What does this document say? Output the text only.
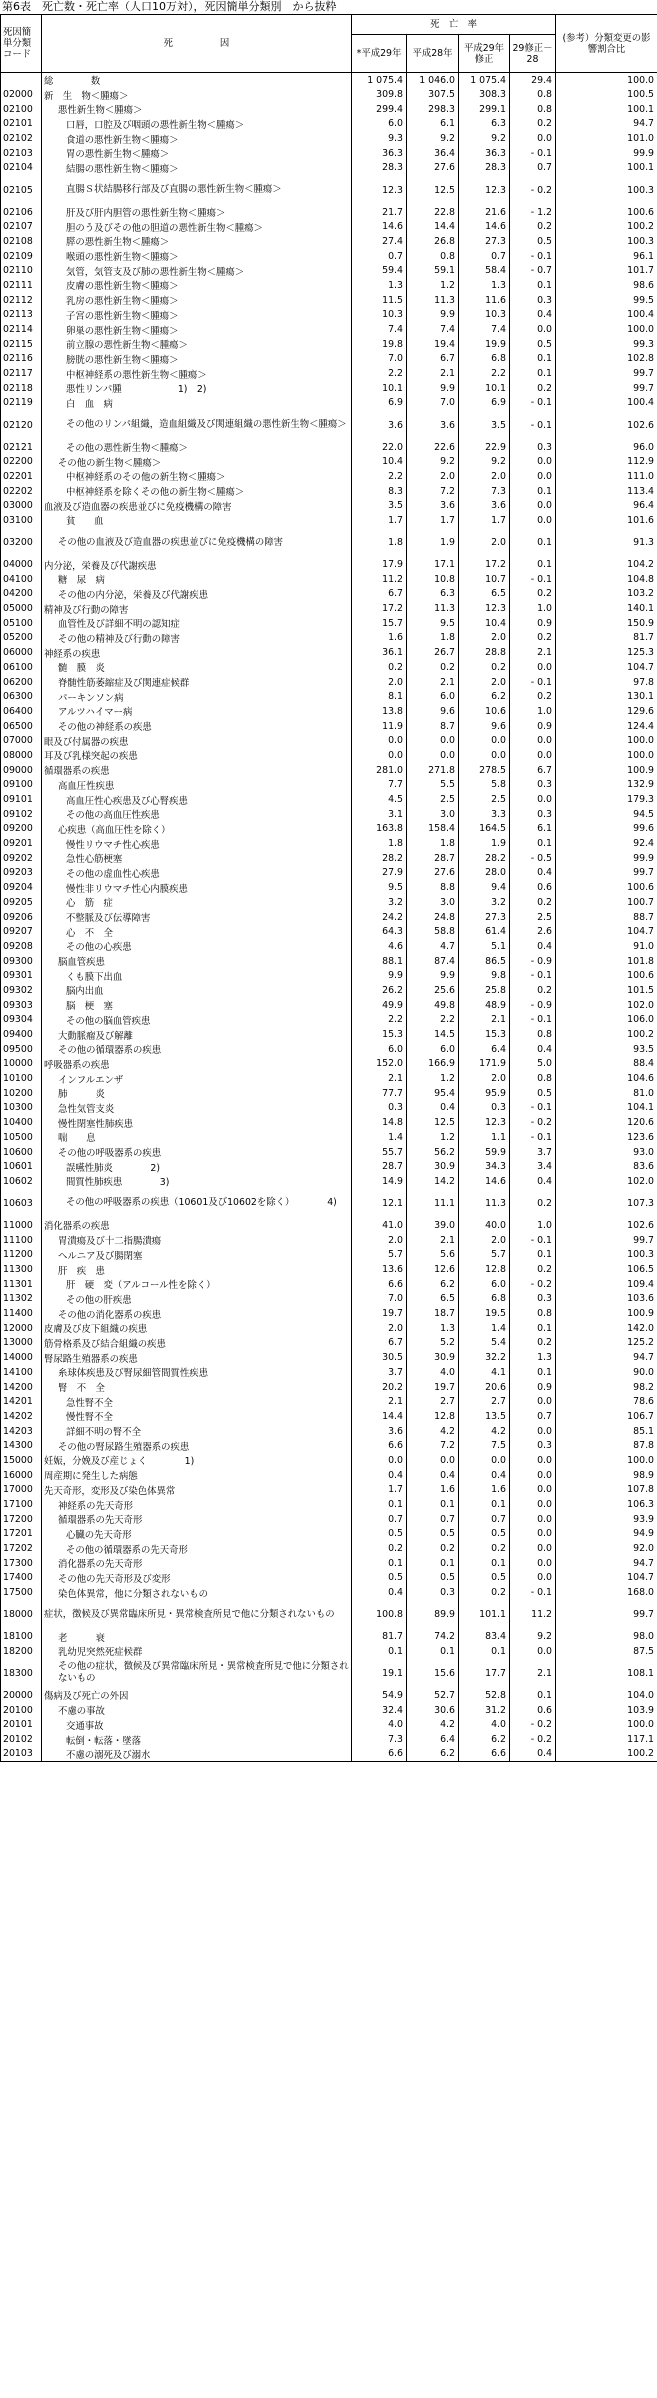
第6表　死亡数・死亡率（人口10万対），死因簡単分類別　から抜粋
死因簡単分類コード	死　　　　　因	死　亡　率				(参考）分類変更の影響割合比
		*平成29年	平成28年	平成29年修正	29修正－28	
	総　　　　数	1 075.4	1 046.0	1 075.4	29.4	100.0
02000	新　生　物＜腫瘍＞	309.8	307.5	308.3	0.8	100.5
02100	悪性新生物＜腫瘍＞	299.4	298.3	299.1	0.8	100.1
02101	口唇，口腔及び咽頭の悪性新生物＜腫瘍＞	6.0	6.1	6.3	0.2	94.7
02102	食道の悪性新生物＜腫瘍＞	9.3	9.2	9.2	0.0	101.0
02103	胃の悪性新生物＜腫瘍＞	36.3	36.4	36.3	- 0.1	99.9
02104	結腸の悪性新生物＜腫瘍＞	28.3	27.6	28.3	0.7	100.1
02105	直腸Ｓ状結腸移行部及び直腸の悪性新生物＜腫瘍＞	12.3	12.5	12.3	- 0.2	100.3
02106	肝及び肝内胆管の悪性新生物＜腫瘍＞	21.7	22.8	21.6	- 1.2	100.6
02107	胆のう及びその他の胆道の悪性新生物＜腫瘍＞	14.6	14.4	14.6	0.2	100.2
02108	膵の悪性新生物＜腫瘍＞	27.4	26.8	27.3	0.5	100.3
02109	喉頭の悪性新生物＜腫瘍＞	0.7	0.8	0.7	- 0.1	96.1
02110	気管，気管支及び肺の悪性新生物＜腫瘍＞	59.4	59.1	58.4	- 0.7	101.7
02111	皮膚の悪性新生物＜腫瘍＞	1.3	1.2	1.3	0.1	98.6
02112	乳房の悪性新生物＜腫瘍＞	11.5	11.3	11.6	0.3	99.5
02113	子宮の悪性新生物＜腫瘍＞	10.3	9.9	10.3	0.4	100.4
02114	卵巣の悪性新生物＜腫瘍＞	7.4	7.4	7.4	0.0	100.0
02115	前立腺の悪性新生物＜腫瘍＞	19.8	19.4	19.9	0.5	99.3
02116	膀胱の悪性新生物＜腫瘍＞	7.0	6.7	6.8	0.1	102.8
02117	中枢神経系の悪性新生物＜腫瘍＞	2.2	2.1	2.2	0.1	99.7
02118	悪性リンパ腫　　　　　　1)　2)	10.1	9.9	10.1	0.2	99.7
02119	白　血　病	6.9	7.0	6.9	- 0.1	100.4
02120	その他のリンパ組織，造血組織及び関連組織の悪性新生物＜腫瘍＞	3.6	3.6	3.5	- 0.1	102.6
02121	その他の悪性新生物＜腫瘍＞	22.0	22.6	22.9	0.3	96.0
02200	その他の新生物＜腫瘍＞	10.4	9.2	9.2	0.0	112.9
02201	中枢神経系のその他の新生物＜腫瘍＞	2.2	2.0	2.0	0.0	111.0
02202	中枢神経系を除くその他の新生物＜腫瘍＞	8.3	7.2	7.3	0.1	113.4
03000	血液及び造血器の疾患並びに免疫機構の障害	3.5	3.6	3.6	0.0	96.4
03100	貧　　血	1.7	1.7	1.7	0.0	101.6
03200	その他の血液及び造血器の疾患並びに免疫機構の障害	1.8	1.9	2.0	0.1	91.3
04000	内分泌，栄養及び代謝疾患	17.9	17.1	17.2	0.1	104.2
04100	糖　尿　病	11.2	10.8	10.7	- 0.1	104.8
04200	その他の内分泌，栄養及び代謝疾患	6.7	6.3	6.5	0.2	103.2
05000	精神及び行動の障害	17.2	11.3	12.3	1.0	140.1
05100	血管性及び詳細不明の認知症	15.7	9.5	10.4	0.9	150.9
05200	その他の精神及び行動の障害	1.6	1.8	2.0	0.2	81.7
06000	神経系の疾患	36.1	26.7	28.8	2.1	125.3
06100	髄　膜　炎	0.2	0.2	0.2	0.0	104.7
06200	脊髄性筋萎縮症及び関連症候群	2.0	2.1	2.0	- 0.1	97.8
06300	パーキンソン病	8.1	6.0	6.2	0.2	130.1
06400	アルツハイマー病	13.8	9.6	10.6	1.0	129.6
06500	その他の神経系の疾患	11.9	8.7	9.6	0.9	124.4
07000	眼及び付属器の疾患	0.0	0.0	0.0	0.0	100.0
08000	耳及び乳様突起の疾患	0.0	0.0	0.0	0.0	100.0
09000	循環器系の疾患	281.0	271.8	278.5	6.7	100.9
09100	高血圧性疾患	7.7	5.5	5.8	0.3	132.9
09101	高血圧性心疾患及び心腎疾患	4.5	2.5	2.5	0.0	179.3
09102	その他の高血圧性疾患	3.1	3.0	3.3	0.3	94.5
09200	心疾患（高血圧性を除く）	163.8	158.4	164.5	6.1	99.6
09201	慢性リウマチ性心疾患	1.8	1.8	1.9	0.1	92.4
09202	急性心筋梗塞	28.2	28.7	28.2	- 0.5	99.9
09203	その他の虚血性心疾患	27.9	27.6	28.0	0.4	99.7
09204	慢性非リウマチ性心内膜疾患	9.5	8.8	9.4	0.6	100.6
09205	心　筋　症	3.2	3.0	3.2	0.2	100.7
09206	不整脈及び伝導障害	24.2	24.8	27.3	2.5	88.7
09207	心　不　全	64.3	58.8	61.4	2.6	104.7
09208	その他の心疾患	4.6	4.7	5.1	0.4	91.0
09300	脳血管疾患	88.1	87.4	86.5	- 0.9	101.8
09301	くも膜下出血	9.9	9.9	9.8	- 0.1	100.6
09302	脳内出血	26.2	25.6	25.8	0.2	101.5
09303	脳　梗　塞	49.9	49.8	48.9	- 0.9	102.0
09304	その他の脳血管疾患	2.2	2.2	2.1	- 0.1	106.0
09400	大動脈瘤及び解離	15.3	14.5	15.3	0.8	100.2
09500	その他の循環器系の疾患	6.0	6.0	6.4	0.4	93.5
10000	呼吸器系の疾患	152.0	166.9	171.9	5.0	88.4
10100	インフルエンザ	2.1	1.2	2.0	0.8	104.6
10200	肺　　　炎	77.7	95.4	95.9	0.5	81.0
10300	急性気管支炎	0.3	0.4	0.3	- 0.1	104.1
10400	慢性閉塞性肺疾患	14.8	12.5	12.3	- 0.2	120.6
10500	喘　　息	1.4	1.2	1.1	- 0.1	123.6
10600	その他の呼吸器系の疾患	55.7	56.2	59.9	3.7	93.0
10601	誤嚥性肺炎　　　　2)	28.7	30.9	34.3	3.4	83.6
10602	間質性肺疾患　　　　3)	14.9	14.2	14.6	0.4	102.0
10603	その他の呼吸器系の疾患（10601及び10602を除く）　　　　4)	12.1	11.1	11.3	0.2	107.3
11000	消化器系の疾患	41.0	39.0	40.0	1.0	102.6
11100	胃潰瘍及び十二指腸潰瘍	2.0	2.1	2.0	- 0.1	99.7
11200	ヘルニア及び腸閉塞	5.7	5.6	5.7	0.1	100.3
11300	肝　疾　患	13.6	12.6	12.8	0.2	106.5
11301	肝　硬　変（アルコール性を除く）	6.6	6.2	6.0	- 0.2	109.4
11302	その他の肝疾患	7.0	6.5	6.8	0.3	103.6
11400	その他の消化器系の疾患	19.7	18.7	19.5	0.8	100.9
12000	皮膚及び皮下組織の疾患	2.0	1.3	1.4	0.1	142.0
13000	筋骨格系及び結合組織の疾患	6.7	5.2	5.4	0.2	125.2
14000	腎尿路生殖器系の疾患	30.5	30.9	32.2	1.3	94.7
14100	糸球体疾患及び腎尿細管間質性疾患	3.7	4.0	4.1	0.1	90.0
14200	腎　不　全	20.2	19.7	20.6	0.9	98.2
14201	急性腎不全	2.1	2.7	2.7	0.0	78.6
14202	慢性腎不全	14.4	12.8	13.5	0.7	106.7
14203	詳細不明の腎不全	3.6	4.2	4.2	0.0	85.1
14300	その他の腎尿路生殖器系の疾患	6.6	7.2	7.5	0.3	87.8
15000	妊娠，分娩及び産じょく　　　　1)	0.0	0.0	0.0	0.0	100.0
16000	周産期に発生した病態	0.4	0.4	0.4	0.0	98.9
17000	先天奇形，変形及び染色体異常	1.7	1.6	1.6	0.0	107.8
17100	神経系の先天奇形	0.1	0.1	0.1	0.0	106.3
17200	循環器系の先天奇形	0.7	0.7	0.7	0.0	93.9
17201	心臓の先天奇形	0.5	0.5	0.5	0.0	94.9
17202	その他の循環器系の先天奇形	0.2	0.2	0.2	0.0	92.0
17300	消化器系の先天奇形	0.1	0.1	0.1	0.0	94.7
17400	その他の先天奇形及び変形	0.5	0.5	0.5	0.0	104.7
17500	染色体異常，他に分類されないもの	0.4	0.3	0.2	- 0.1	168.0
18000	症状，徴候及び異常臨床所見・異常検査所見で他に分類されないもの	100.8	89.9	101.1	11.2	99.7
18100	老　　　衰	81.7	74.2	83.4	9.2	98.0
18200	乳幼児突然死症候群	0.1	0.1	0.1	0.0	87.5
18300	その他の症状，徴候及び異常臨床所見・異常検査所見で他に分類されないもの	19.1	15.6	17.7	2.1	108.1
20000	傷病及び死亡の外因	54.9	52.7	52.8	0.1	104.0
20100	不慮の事故	32.4	30.6	31.2	0.6	103.9
20101	交通事故	4.0	4.2	4.0	- 0.2	100.0
20102	転倒・転落・墜落	7.3	6.4	6.2	- 0.2	117.1
20103	不慮の溺死及び溺水	6.6	6.2	6.6	0.4	100.2
